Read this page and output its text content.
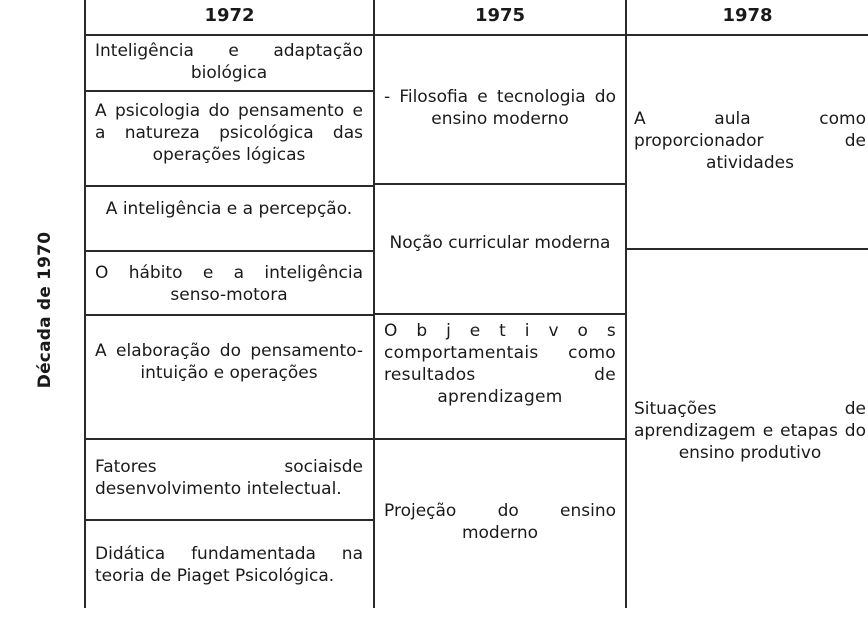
Década de 1970
1972	1975	1978
Inteligência e adaptação biológica
A psicologia do pensamento e a natureza psicológica das operações lógicas
A inteligência e a percepção.
O hábito e a inteligência senso-motora
A elaboração do pensamento- intuição e operações
Fatores sociaisde desenvolvimento intelectual.
Didática fundamentada na teoria de Piaget Psicológica.
- Filosofia e tecnologia do ensino moderno
Noção curricular moderna
O b j e t i v o s comportamentais como resultados de aprendizagem
Projeção do ensino moderno
A aula como proporcionador de atividades
Situações de aprendizagem e etapas do ensino produtivo
